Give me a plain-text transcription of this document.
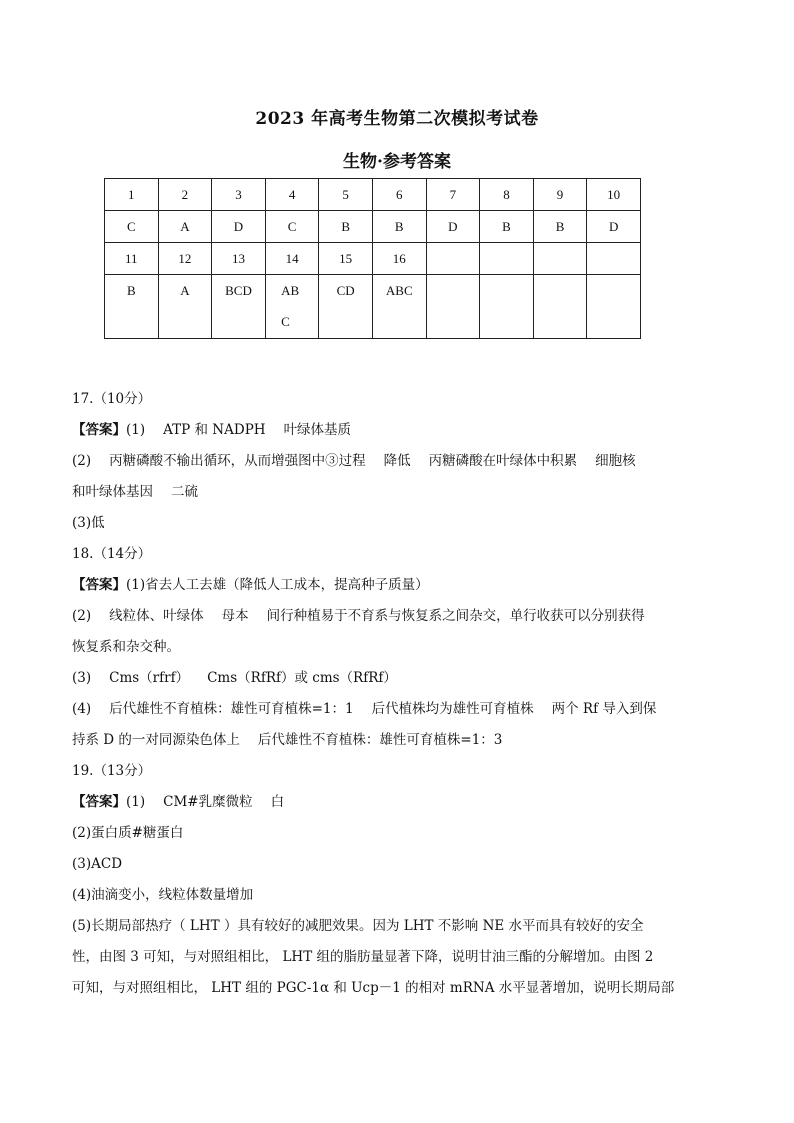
2023 年高考生物第二次模拟考试卷
生物·参考答案
1	2	3	4	5	6	7	8	9	10
C	A	D	C	B	B	D	B	B	D
11	12	13	14	15	16				

B	A	BCD	ABC	CD	ABC				

17.（10分）
【答案】(1) ATP 和 NADPH 叶绿体基质
(2) 丙糖磷酸不输出循环，从而增强图中③过程 降低 丙糖磷酸在叶绿体中积累 细胞核
和叶绿体基因 二硫
(3)低
18.（14分）
【答案】(1)省去人工去雄（降低人工成本，提高种子质量）
(2) 线粒体、叶绿体 母本 间行种植易于不育系与恢复系之间杂交，单行收获可以分别获得
恢复系和杂交种。
(3) Cms（rfrf） Cms（RfRf）或 cms（RfRf）
(4) 后代雄性不育植株：雄性可育植株=1：1 后代植株均为雄性可育植株 两个 Rf 导入到保
持系 D 的一对同源染色体上 后代雄性不育植株：雄性可育植株=1：3
19.（13分）
【答案】(1) CM#乳糜微粒 白
(2)蛋白质#糖蛋白
(3)ACD
(4)油滴变小，线粒体数量增加
(5)长期局部热疗（ LHT ）具有较好的减肥效果。因为 LHT 不影响 NE 水平而具有较好的安全
性，由图 3 可知，与对照组相比， LHT 组的脂肪量显著下降，说明甘油三酯的分解增加。由图 2
可知，与对照组相比， LHT 组的 PGC-1α 和 Ucp－1 的相对 mRNA 水平显著增加，说明长期局部
